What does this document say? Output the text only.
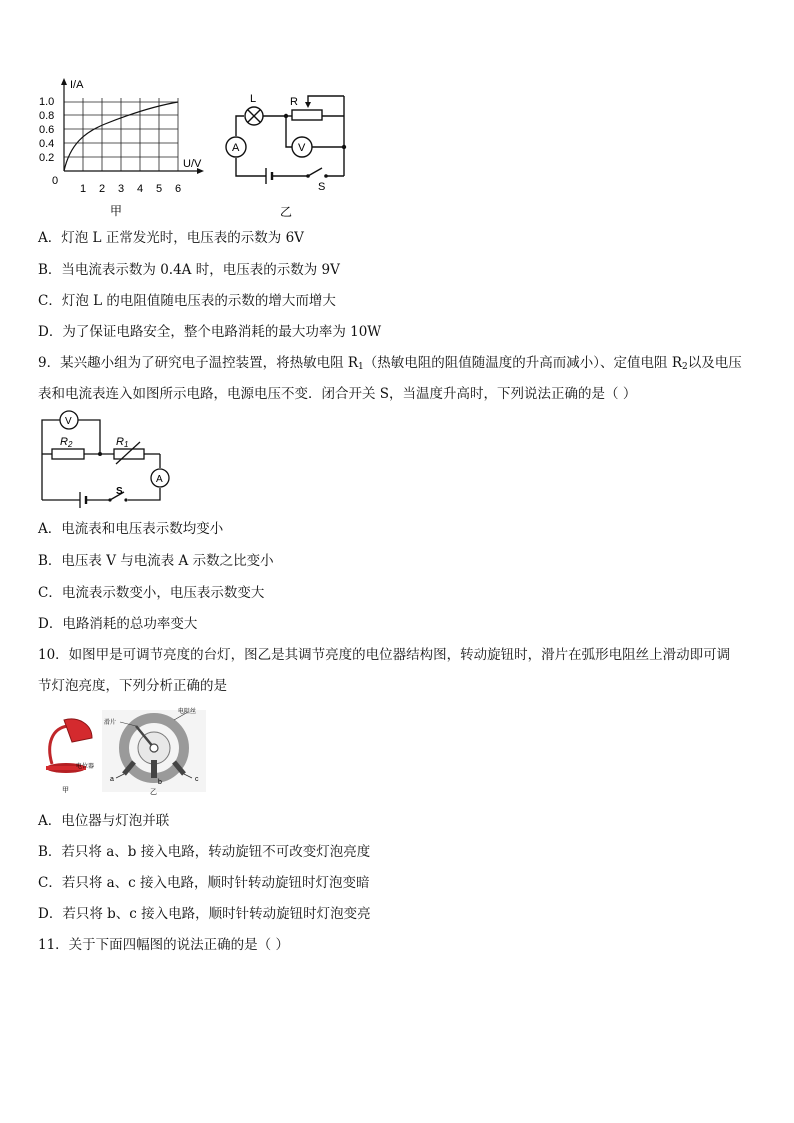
I/A
U/V
1.0
0.8
0.6
0.4
0.2
0
1 2 3 4 5 6
甲
A	V
L	R
S
乙
A．灯泡 L 正常发光时，电压表的示数为 6V
B．当电流表示数为 0.4A 时，电压表的示数为 9V
C．灯泡 L 的电阻值随电压表的示数的增大而增大
D．为了保证电路安全，整个电路消耗的最大功率为 10W
9．某兴趣小组为了研究电子温控装置，将热敏电阻 $R_1$（热敏电阻的阻值随温度的升高而减小）、定值电阻 $R_2$以及电压
表和电流表连入如图所示电路，电源电压不变．闭合开关 S，当温度升高时，下列说法正确的是（ ）
V
A
R2	R1
S
A．电流表和电压表示数均变小
B．电压表 V 与电流表 A 示数之比变小
C．电流表示数变小，电压表示数变大
D．电路消耗的总功率变大
10．如图甲是可调节亮度的台灯，图乙是其调节亮度的电位器结构图，转动旋钮时，滑片在弧形电阻丝上滑动即可调
节灯泡亮度，下列分析正确的是
电位器
甲
滑片
电阻丝
a	b	c
乙
A．电位器与灯泡并联
B．若只将 a、b 接入电路，转动旋钮不可改变灯泡亮度
C．若只将 a、c 接入电路，顺时针转动旋钮时灯泡变暗
D．若只将 b、c 接入电路，顺时针转动旋钮时灯泡变亮
11．关于下面四幅图的说法正确的是（ ）
